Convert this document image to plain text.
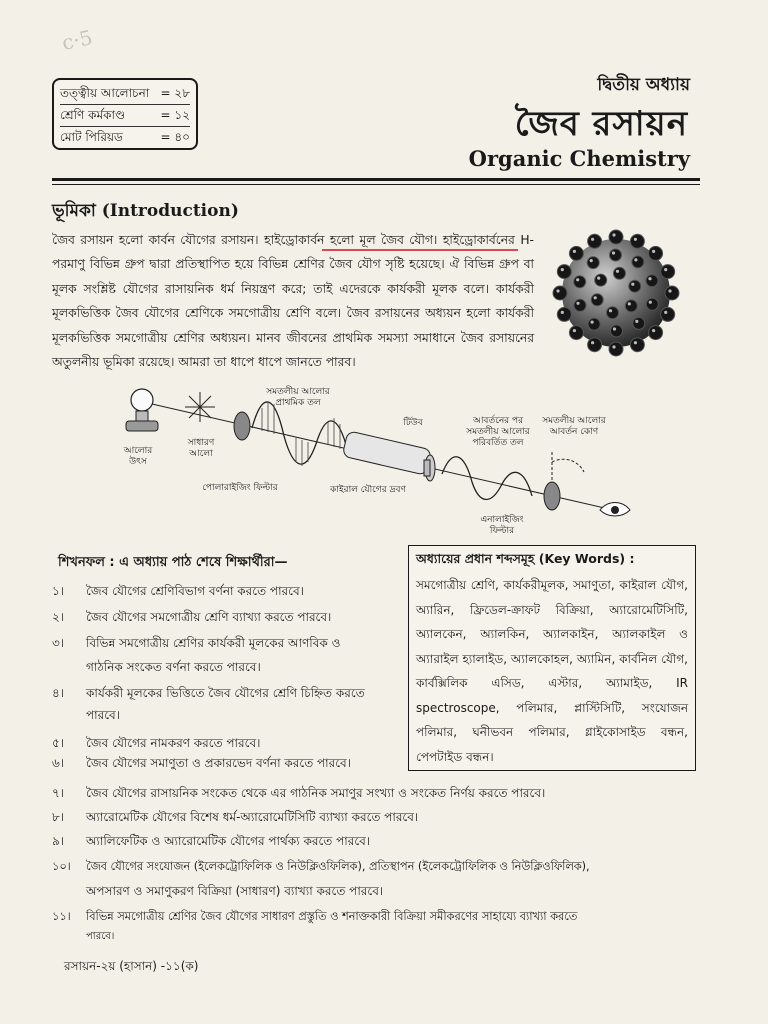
c·5
তত্ত্বীয় আলোচনা = ২৮
শ্রেণি কর্মকাণ্ড	= ১২
মোট পিরিয়ড	= ৪০
দ্বিতীয় অধ্যায়
জৈব রসায়ন
Organic Chemistry
ভূমিকা (Introduction)

জৈব রসায়ন হলো কার্বন যৌগের রসায়ন। হাইড্রোকার্বন হলো মূল জৈব যৌগ। হাইড্রোকার্বনের H-পরমাণু বিভিন্ন গ্রুপ দ্বারা প্রতিস্থাপিত হয়ে বিভিন্ন শ্রেণির জৈব যৌগ সৃষ্টি হয়েছে। ঐ বিভিন্ন গ্রুপ বা মূলক সংশ্লিষ্ট যৌগের রাসায়নিক ধর্ম নিয়ন্ত্রণ করে; তাই এদেরকে কার্যকরী মূলক বলে। কার্যকরী মূলকভিত্তিক জৈব যৌগের শ্রেণিকে সমগোত্রীয় শ্রেণি বলে। জৈব রসায়নের অধ্যয়ন হলো কার্যকরী মূলকভিত্তিক সমগোত্রীয় শ্রেণির অধ্যয়ন। মানব জীবনের প্রাথমিক সমস্যা সমাধানে জৈব রসায়নের অতুলনীয় ভূমিকা রয়েছে। আমরা তা ধাপে ধাপে জানতে পারব।

আলোর
উৎস
সাধারণ
আলো
সমতলীয় আলোর
প্রাথমিক তল
টিউব	আবর্তনের পর
সমতলীয় আলোর
পরিবর্তিত তল
সমতলীয় আলোর
আবর্তন কোণ
পোলারাইজিং ফিল্টার	কাইরাল যৌগের দ্রবণ
এনালাইজিং
ফিল্টার
শিখনফল : এ অধ্যায় পাঠ শেষে শিক্ষার্থীরা—
১। জৈব যৌগের শ্রেণিবিভাগ বর্ণনা করতে পারবে।
২। জৈব যৌগের সমগোত্রীয় শ্রেণি ব্যাখ্যা করতে পারবে।
৩। বিভিন্ন সমগোত্রীয় শ্রেণির কার্যকরী মূলকের আণবিক ও
গাঠনিক সংকেত বর্ণনা করতে পারবে।
৪। কার্যকরী মূলকের ভিত্তিতে জৈব যৌগের শ্রেণি চিহ্নিত করতে
পারবে।
৫। জৈব যৌগের নামকরণ করতে পারবে।
৬। জৈব যৌগের সমাণুতা ও প্রকারভেদ বর্ণনা করতে পারবে।
৭। জৈব যৌগের রাসায়নিক সংকেত থেকে এর গাঠনিক সমাণুর সংখ্যা ও সংকেত নির্ণয় করতে পারবে।
৮। অ্যারোমেটিক যৌগের বিশেষ ধর্ম-অ্যারোমেটিসিটি ব্যাখ্যা করতে পারবে।
৯। অ্যালিফেটিক ও অ্যারোমেটিক যৌগের পার্থক্য করতে পারবে।
১০। জৈব যৌগের সংযোজন (ইলেকট্রোফিলিক ও নিউক্লিওফিলিক), প্রতিস্থাপন (ইলেকট্রোফিলিক ও নিউক্লিওফিলিক),
অপসারণ ও সমাণুকরণ বিক্রিয়া (সাধারণ) ব্যাখ্যা করতে পারবে।
১১। বিভিন্ন সমগোত্রীয় শ্রেণির জৈব যৌগের সাধারণ প্রস্তুতি ও শনাক্তকারী বিক্রিয়া সমীকরণের সাহায্যে ব্যাখ্যা করতে
পারবে।
অধ্যায়ের প্রধান শব্দসমূহ (Key Words) :

সমগোত্রীয় শ্রেণি, কার্যকরীমূলক, সমাণুতা, কাইরাল যৌগ, অ্যারিন, ফ্রিডেল-ক্রাফট বিক্রিয়া, অ্যারোমেটিসিটি, অ্যালকেন, অ্যালকিন, অ্যালকাইন, অ্যালকাইল ও অ্যারাইল হ্যালাইড, অ্যালকোহল, অ্যামিন, কার্বনিল যৌগ, কার্বক্সিলিক এসিড, এস্টার, অ্যামাইড, IR spectroscope, পলিমার, প্লাস্টিসিটি, সংযোজন পলিমার, ঘনীভবন পলিমার, গ্লাইকোসাইড বন্ধন, পেপটাইড বন্ধন।

রসায়ন-২য় (হাসান) -১১(ক)
